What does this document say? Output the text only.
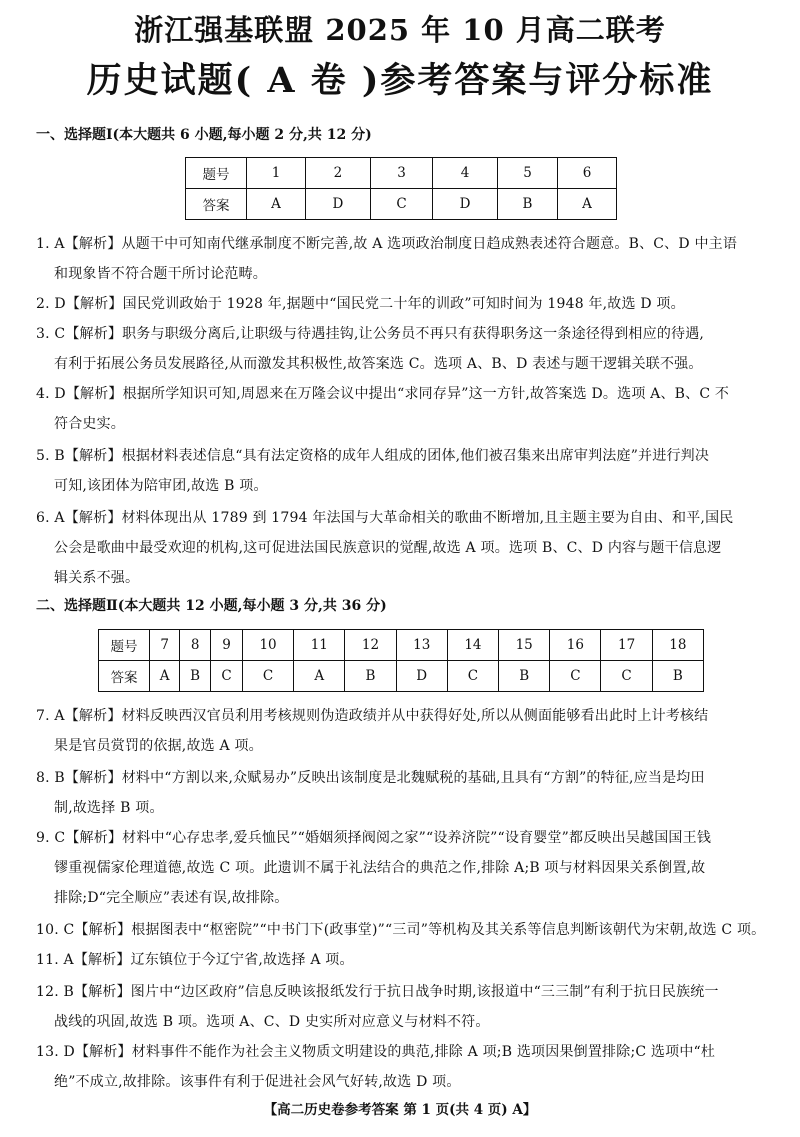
浙江强基联盟 2025 年 10 月高二联考
历史试题( A 卷 )参考答案与评分标准
一、选择题Ⅰ(本大题共 6 小题,每小题 2 分,共 12 分)
题号	1	2	3	4	5	6
答案	A	D	C	D	B	A
1. A【解析】从题干中可知南代继承制度不断完善,故 A 选项政治制度日趋成熟表述符合题意。B、C、D 中主语
和现象皆不符合题干所讨论范畴。
2. D【解析】国民党训政始于 1928 年,据题中“国民党二十年的训政”可知时间为 1948 年,故选 D 项。
3. C【解析】职务与职级分离后,让职级与待遇挂钩,让公务员不再只有获得职务这一条途径得到相应的待遇,
有利于拓展公务员发展路径,从而激发其积极性,故答案选 C。选项 A、B、D 表述与题干逻辑关联不强。
4. D【解析】根据所学知识可知,周恩来在万隆会议中提出“求同存异”这一方针,故答案选 D。选项 A、B、C 不
符合史实。
5. B【解析】根据材料表述信息“具有法定资格的成年人组成的团体,他们被召集来出席审判法庭”并进行判决
可知,该团体为陪审团,故选 B 项。
6. A【解析】材料体现出从 1789 到 1794 年法国与大革命相关的歌曲不断增加,且主题主要为自由、和平,国民
公会是歌曲中最受欢迎的机构,这可促进法国民族意识的觉醒,故选 A 项。选项 B、C、D 内容与题干信息逻
辑关系不强。
二、选择题Ⅱ(本大题共 12 小题,每小题 3 分,共 36 分)
题号	7	8	9	10	11	12	13	14	15	16	17	18
答案	A	B	C	C	A	B	D	C	B	C	C	B
7. A【解析】材料反映西汉官员利用考核规则伪造政绩并从中获得好处,所以从侧面能够看出此时上计考核结
果是官员赏罚的依据,故选 A 项。
8. B【解析】材料中“方割以来,众赋易办”反映出该制度是北魏赋税的基础,且具有“方割”的特征,应当是均田
制,故选择 B 项。
9. C【解析】材料中“心存忠孝,爱兵恤民”“婚姻须择阀阅之家”“设养济院”“设育婴堂”都反映出吴越国国王钱
镠重视儒家伦理道德,故选 C 项。此遗训不属于礼法结合的典范之作,排除 A;B 项与材料因果关系倒置,故
排除;D“完全顺应”表述有误,故排除。
10. C【解析】根据图表中“枢密院”“中书门下(政事堂)”“三司”等机构及其关系等信息判断该朝代为宋朝,故选 C 项。
11. A【解析】辽东镇位于今辽宁省,故选择 A 项。
12. B【解析】图片中“边区政府”信息反映该报纸发行于抗日战争时期,该报道中“三三制”有利于抗日民族统一
战线的巩固,故选 B 项。选项 A、C、D 史实所对应意义与材料不符。
13. D【解析】材料事件不能作为社会主义物质文明建设的典范,排除 A 项;B 选项因果倒置排除;C 选项中“杜
绝”不成立,故排除。该事件有利于促进社会风气好转,故选 D 项。
【高二历史卷参考答案 第 1 页(共 4 页) A】
